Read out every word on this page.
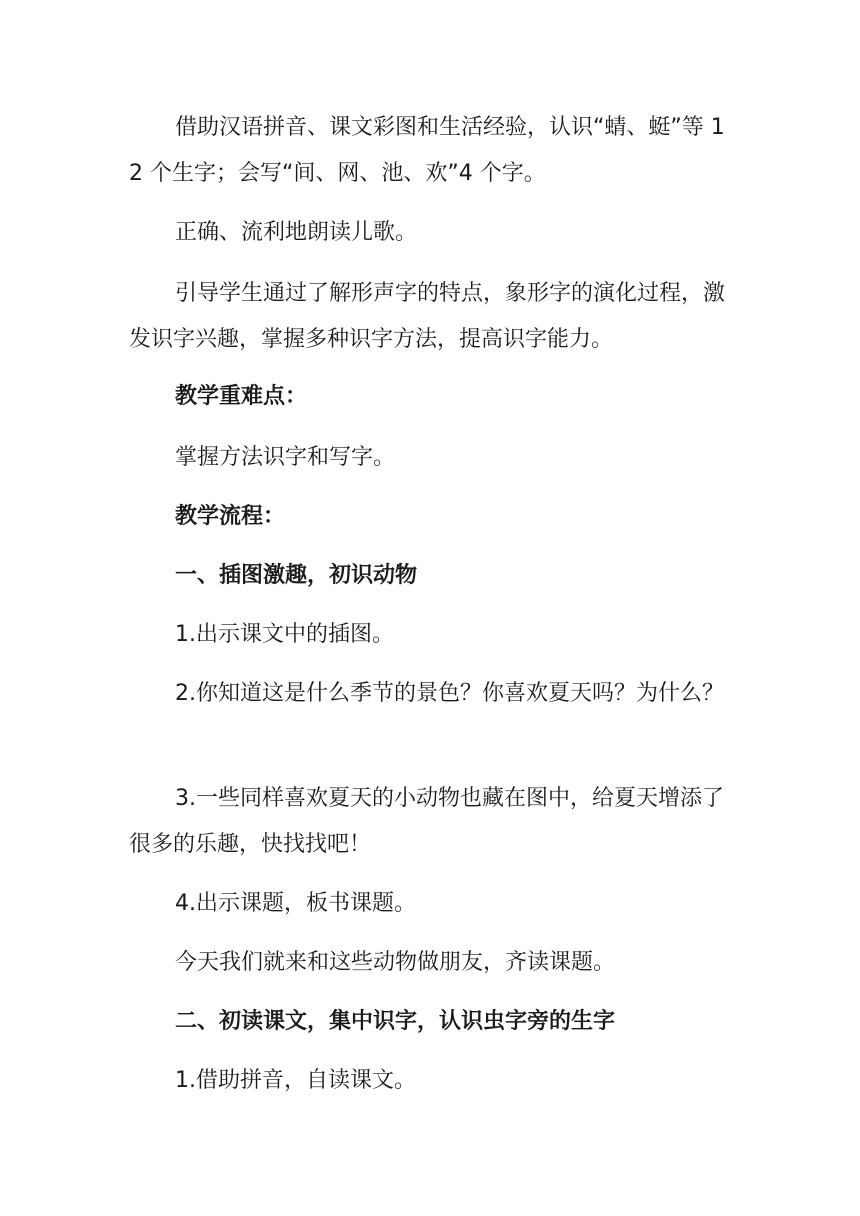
借助汉语拼音、课文彩图和生活经验，认识“蜻、蜓”等 12 个生字；会写“间、网、池、欢”4 个字。

正确、流利地朗读儿歌。

引导学生通过了解形声字的特点，象形字的演化过程，激发识字兴趣，掌握多种识字方法，提高识字能力。

教学重难点：

掌握方法识字和写字。

教学流程：

一、插图激趣，初识动物

1.出示课文中的插图。

2.你知道这是什么季节的景色？你喜欢夏天吗？为什么？

3.一些同样喜欢夏天的小动物也藏在图中，给夏天增添了很多的乐趣，快找找吧！

4.出示课题，板书课题。

今天我们就来和这些动物做朋友，齐读课题。

二、初读课文，集中识字，认识虫字旁的生字

1.借助拼音，自读课文。
